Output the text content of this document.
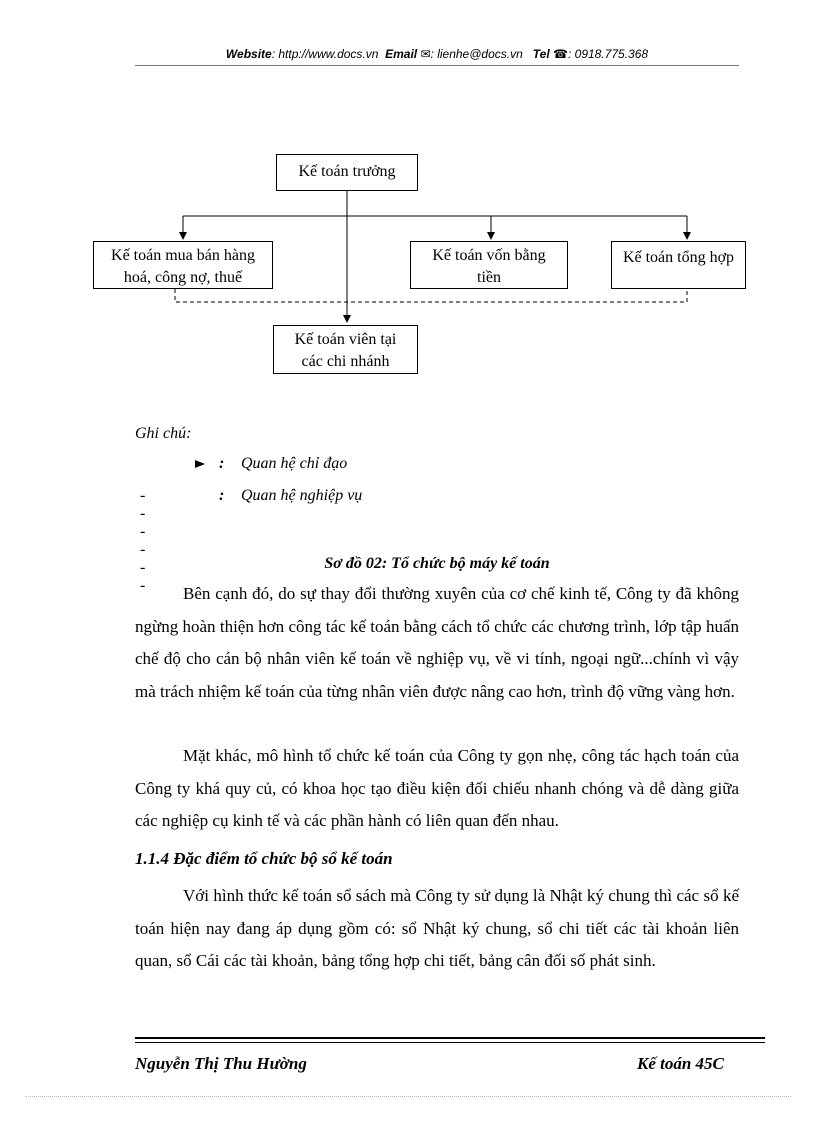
Website: http://www.docs.vn Email ✉: lienhe@docs.vn Tel ☎: 0918.775.368
Kế toán trưởng
Kế toán mua bán hàng
hoá, công nợ, thuế
Kế toán vốn bằng
tiền
Kế toán tổng hợp
Kế toán viên tại
các chi nhánh
Ghi chú:
: Quan hệ chỉ đạo
------
: Quan hệ nghiệp vụ
Sơ đồ 02: Tổ chức bộ máy kế toán
Bên cạnh đó, do sự thay đổi thường xuyên của cơ chế kinh tế, Công ty đã không ngừng hoàn thiện hơn công tác kế toán bằng cách tổ chức các chương trình, lớp tập huấn chế độ cho cán bộ nhân viên kế toán về nghiệp vụ, về vi tính, ngoại ngữ...chính vì vậy mà trách nhiệm kế toán của từng nhân viên được nâng cao hơn, trình độ vững vàng hơn.
Mặt khác, mô hình tổ chức kế toán của Công ty gọn nhẹ, công tác hạch toán của Công ty khá quy củ, có khoa học tạo điều kiện đối chiếu nhanh chóng và dễ dàng giữa các nghiệp cụ kinh tế và các phần hành có liên quan đến nhau.
1.1.4 Đặc điểm tổ chức bộ sổ kế toán
Với hình thức kế toán sổ sách mà Công ty sử dụng là Nhật ký chung thì các sổ kế toán hiện nay đang áp dụng gồm có: sổ Nhật ký chung, sổ chi tiết các tài khoản liên quan, sổ Cái các tài khoản, bảng tổng hợp chi tiết, bảng cân đối số phát sinh.
Nguyễn Thị Thu Hường	Kế toán 45C
